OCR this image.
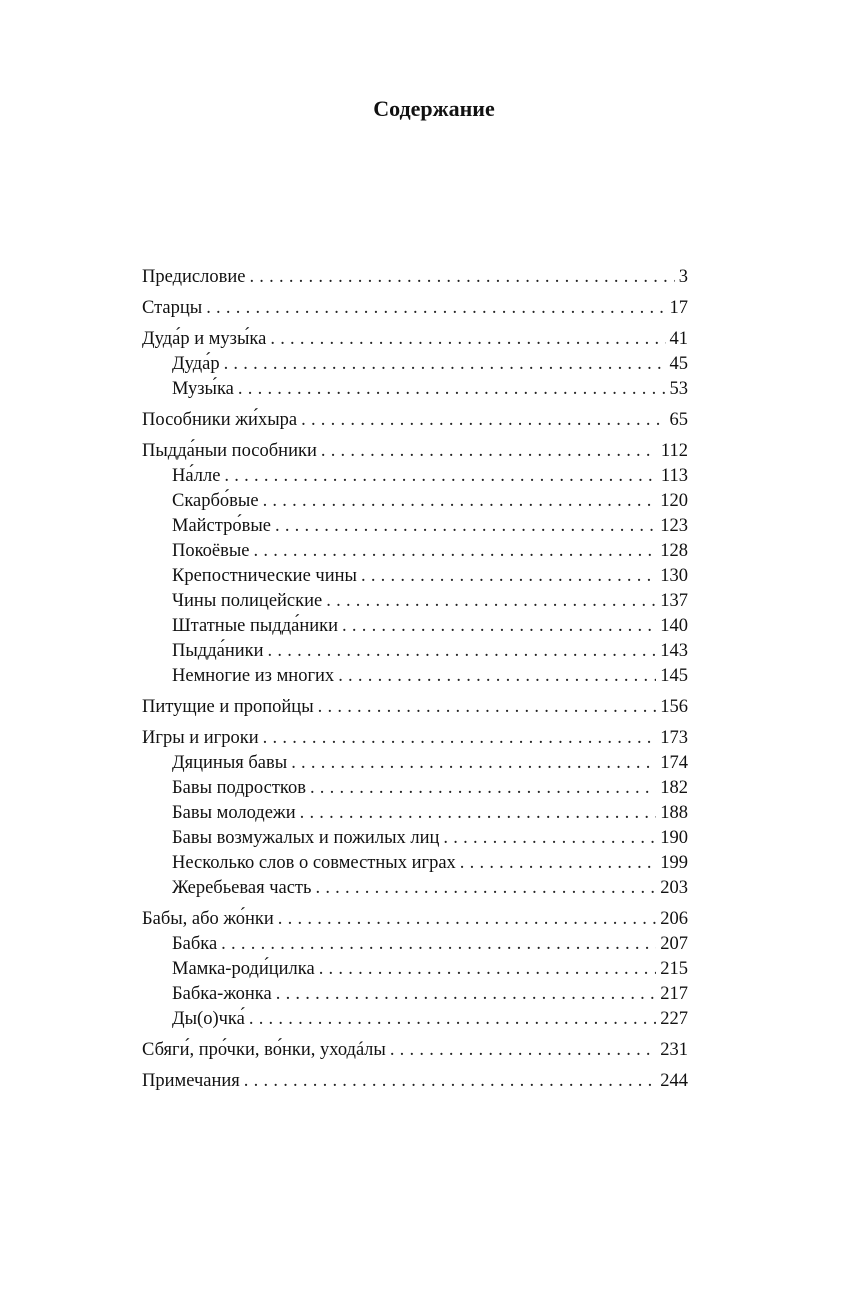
Содержание
Предисловие . . .	3
Старцы . . .	17
Дуда́р и музы́ка . . .	41
Дуда́р . . .	45
Музы́ка . . .	53
Пособники жи́хыра . . .	65
Пыдда́ныи пособники . . .	112
На́лле . . .	113
Скарбо́вые . . .	120
Майстро́вые . . .	123
Покоёвые . . .	128
Крепостнические чины . . .	130
Чины полицейские . . .	137
Штатные пыдда́ники . . .	140
Пыдда́ники . . .	143
Немногие из многих . . .	145
Питущие и пропойцы . . .	156
Игры и игроки . . .	173
Дяциныя бавы . . .	174
Бавы подростков . . .	182
Бавы молодежи . . .	188
Бавы возмужалых и пожилых лиц . . .	190
Несколько слов о совместных играх . . .	199
Жеребьевая часть . . .	203
Бабы, або жо́нки . . .	206
Бабка . . .	207
Мамка-роди́цилка . . .	215
Бабка-жонка . . .	217
Ды(о)чка́ . . .	227
Сбяги́, про́чки, во́нки, уходáлы . . .	231
Примечания . . .	244
